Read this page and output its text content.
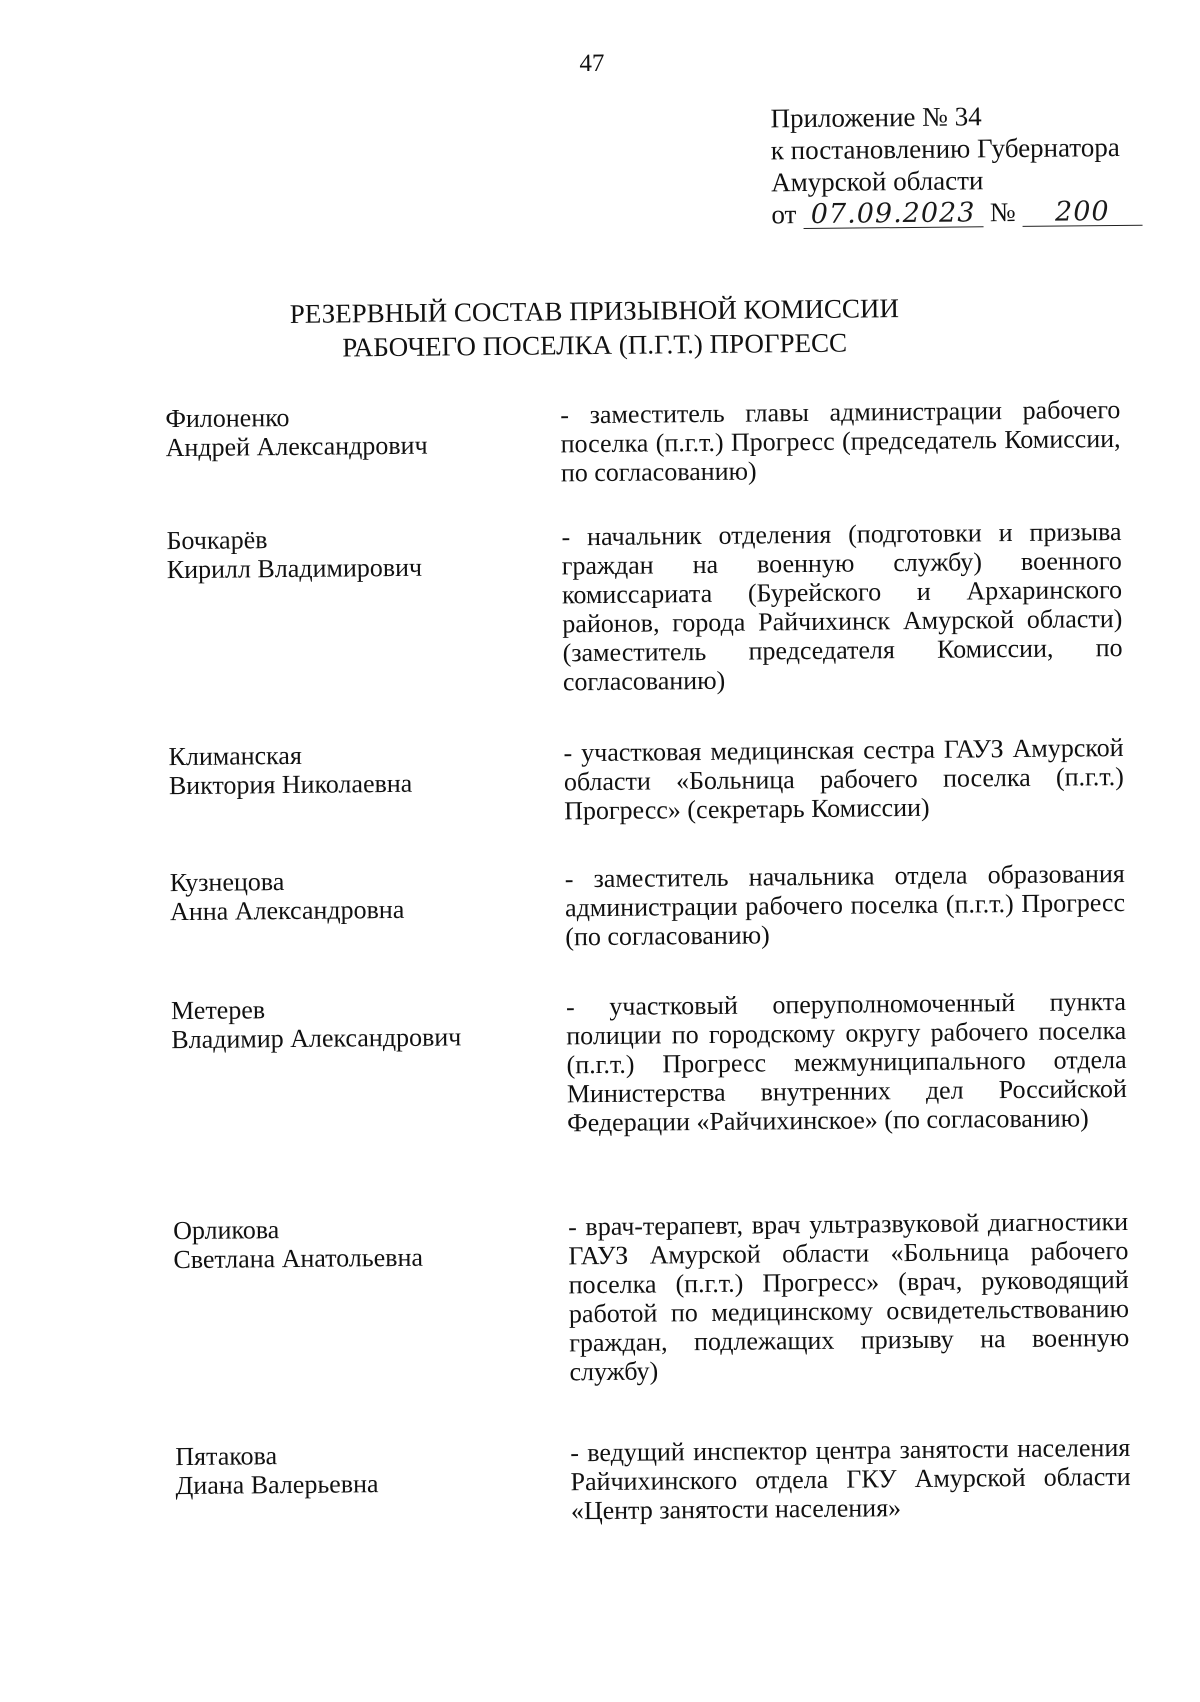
47
Приложение № 34
к постановлению Губернатора
Амурской области
от 07.09.2023 № 200
РЕЗЕРВНЫЙ СОСТАВ ПРИЗЫВНОЙ КОМИССИИ
РАБОЧЕГО ПОСЕЛКА (П.Г.Т.) ПРОГРЕСС
Филоненко
Андрей Александрович
- заместитель главы администрации рабочего поселка (п.г.т.) Прогресс (председатель Комиссии, по согласованию)
Бочкарёв
Кирилл Владимирович
- начальник отделения (подготовки и призыва граждан на военную службу) военного комиссариата (Бурейского и Архаринского районов, города Райчихинск Амурской области) (заместитель председателя Комиссии, по согласованию)
Климанская
Виктория Николаевна
- участковая медицинская сестра ГАУЗ Амурской области «Больница рабочего поселка (п.г.т.) Прогресс» (секретарь Комиссии)
Кузнецова
Анна Александровна
- заместитель начальника отдела образования администрации рабочего поселка (п.г.т.) Прогресс (по согласованию)
Метерев
Владимир Александрович
- участковый оперуполномоченный пункта полиции по городскому округу рабочего поселка (п.г.т.) Прогресс межмуниципального отдела Министерства внутренних дел Российской Федерации «Райчихинское» (по согласованию)
Орликова
Светлана Анатольевна
- врач-терапевт, врач ультразвуковой диагностики ГАУЗ Амурской области «Больница рабочего поселка (п.г.т.) Прогресс» (врач, руководящий работой по медицинскому освидетельствованию граждан, подлежащих призыву на военную службу)
Пятакова
Диана Валерьевна
- ведущий инспектор центра занятости населения Райчихинского отдела ГКУ Амурской области «Центр занятости населения»
